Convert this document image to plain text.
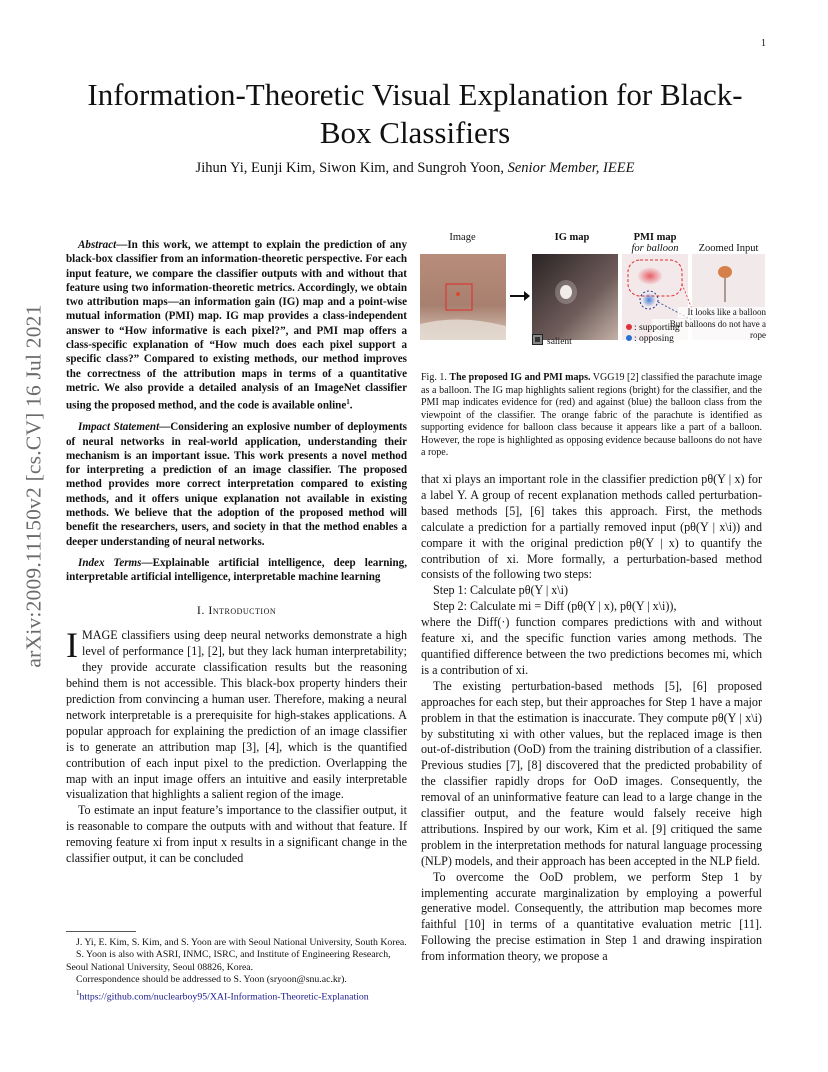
1
arXiv:2009.11150v2 [cs.CV] 16 Jul 2021
Information-Theoretic Visual Explanation for Black-Box Classifiers
Jihun Yi, Eunji Kim, Siwon Kim, and Sungroh Yoon, Senior Member, IEEE

Abstract—In this work, we attempt to explain the prediction of any black-box classifier from an information-theoretic perspective. For each input feature, we compare the classifier outputs with and without that feature using two information-theoretic metrics. Accordingly, we obtain two attribution maps—an information gain (IG) map and a point-wise mutual information (PMI) map. IG map provides a class-independent answer to “How informative is each pixel?”, and PMI map offers a class-specific explanation of “How much does each pixel support a specific class?” Compared to existing methods, our method improves the correctness of the attribution maps in terms of a quantitative metric. We also provide a detailed analysis of an ImageNet classifier using the proposed method, and the code is available online$^1$.

Impact Statement—Considering an explosive number of deployments of neural networks in real-world application, understanding their mechanism is an important issue. This work presents a novel method for interpreting a prediction of an image classifier. The proposed method provides more correct interpretation compared to existing methods, and it offers unique explanation not available in existing methods. We believe that the adoption of the proposed method will benefit the researchers, users, and society in that the method enables a deeper understanding of neural networks.

Index Terms—Explainable artificial intelligence, deep learning, interpretable artificial intelligence, interpretable machine learning

I. Introduction

IMAGE classifiers using deep neural networks demonstrate a high level of performance [1], [2], but they lack human interpretability; they provide accurate classification results but the reasoning behind them is not accessible. This black-box property hinders their prediction from convincing a human user. Therefore, making a neural network interpretable is a prerequisite for high-stakes applications. A popular approach for explaining the prediction of an image classifier is to generate an attribution map [3], [4], which is the quantified contribution of each input pixel to the prediction. Overlapping the map with an input image offers an intuitive and easily interpretable visualization that highlights a salient region of the image.

To estimate an input feature’s importance to the classifier output, it is reasonable to compare the outputs with and without that feature. If removing feature xi from input x results in a significant change in the classifier output, it can be concluded

J. Yi, E. Kim, S. Kim, and S. Yoon are with Seoul National University, South Korea.

S. Yoon is also with ASRI, INMC, ISRC, and Institute of Engineering Research, Seoul National University, Seoul 08826, Korea.

Correspondence should be addressed to S. Yoon (sryoon@snu.ac.kr).

$^1$https://github.com/nuclearboy95/XAI-Information-Theoretic-Explanation

Image	IG map	PMI map
for balloon	Zoomed Input
It looks like a balloon
But balloons do not have a rope
salient
: supporting
: opposing
Fig. 1. The proposed IG and PMI maps. VGG19 [2] classified the parachute image as a balloon. The IG map highlights salient regions (bright) for the classifier, and the PMI map indicates evidence for (red) and against (blue) the balloon class from the viewpoint of the classifier. The orange fabric of the parachute is identified as supporting evidence for balloon class because it appears like a part of a balloon. However, the rope is highlighted as opposing evidence because balloons do not have a rope.

that xi plays an important role in the classifier prediction pθ(Y | x) for a label Y. A group of recent explanation methods called perturbation-based methods [5], [6] takes this approach. First, the methods calculate a prediction for a partially removed input (pθ(Y | x\i)) and compare it with the original prediction pθ(Y | x) to quantify the contribution of xi. More formally, a perturbation-based method consists of the following two steps:

Step 1: Calculate pθ(Y | x\i)

Step 2: Calculate mi = Diff (pθ(Y | x), pθ(Y | x\i)),

where the Diff(·) function compares predictions with and without feature xi, and the specific function varies among methods. The quantified difference between the two predictions becomes mi, which is a contribution of xi.

The existing perturbation-based methods [5], [6] proposed approaches for each step, but their approaches for Step 1 have a major problem in that the estimation is inaccurate. They compute pθ(Y | x\i) by substituting xi with other values, but the replaced image is then out-of-distribution (OoD) from the training distribution of a classifier. Previous studies [7], [8] discovered that the predicted probability of the classifier rapidly drops for OoD images. Consequently, the removal of an uninformative feature can lead to a large change in the classifier output, and the feature would falsely receive high attributions. Inspired by our work, Kim et al. [9] critiqued the same problem in the interpretation methods for natural language processing (NLP) models, and their approach has been accepted in the NLP field.

To overcome the OoD problem, we perform Step 1 by implementing accurate marginalization by employing a powerful generative model. Consequently, the attribution map becomes more faithful [10] in terms of a quantitative evaluation metric [11]. Following the precise estimation in Step 1 and drawing inspiration from information theory, we propose a
